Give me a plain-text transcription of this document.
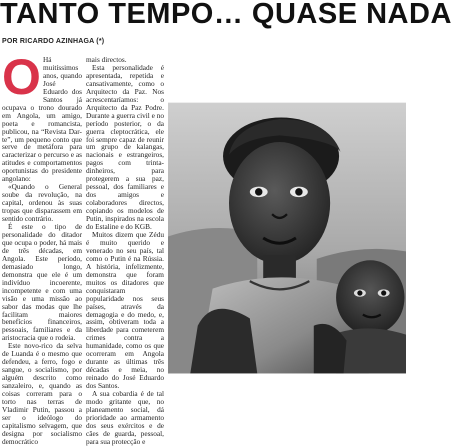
TANTO TEMPO… QUASE NADA
POR RICARDO AZINHAGA (*)
O Há muitíssimos anos, quando José Eduardo dos Santos já ocupava o trono dourado em Angola, um amigo, poeta e romancista, publicou, na “Revista Dar-te”, um pequeno conto que serve de metáfora para caracterizar o percurso e as atitudes e comportamentos oportunistas do presidente angolano:

«Quando o General soube da revolução, na capital, ordenou às suas tropas que disparassem em sentido contrário.

É este o tipo de personalidade do ditador que ocupa o poder, há mais de três décadas, em Angola. Este período, demasiado longo, demonstra que ele é um indivíduo incoerente, incompetente e com uma visão e uma missão ao sabor das modas que lhe facilitam maiores benefícios financeiros, pessoais, familiares e da aristocracia que o rodeia.

Este novo-rico da selva de Luanda é o mesmo que defendeu, a ferro, fogo e sangue, o socialismo, por alguém descrito como sanzaleiro, e, quando as coisas correram para o torto nas terras de Vladimir Putin, passou a ser o ideólogo do capitalismo selvagem, que designa por socialismo democrático

mais directos.

Esta personalidade é apresentada, repetida e cansativamente, como o Arquitecto da Paz. Nos acrescentaríamos: o Arquitecto da Paz Podre. Durante a guerra civil e no período posterior, o da guerra cleptocrática, ele foi sempre capaz de reunir um grupo de kalangas, nacionais e estrangeiros, pagos com trinta-dinheiros, para protegerem a sua paz, pessoal, dos familiares e dos amigos e colaboradores directos, copiando os modelos de Putin, inspirados na escola do Estaline e do KGB.

Muitos dizem que Zédu é muito querido e venerado no seu país, tal como o Putin é na Rússia. A história, infelizmente, demonstra que foram muitos os ditadores que conquistaram popularidade nos seus países, através da demagogia e do medo, e, assim, obtiveram toda a liberdade para cometerem crimes contra a humanidade, como os que ocorreram em Angola durante as últimas três décadas e meia, no reinado do José Eduardo dos Santos.

A sua cobardia é de tal modo gritante que, no planeamento social, dá prioridade ao armamento dos seus exércitos e de cães de guarda, pessoal, para sua protecção e
